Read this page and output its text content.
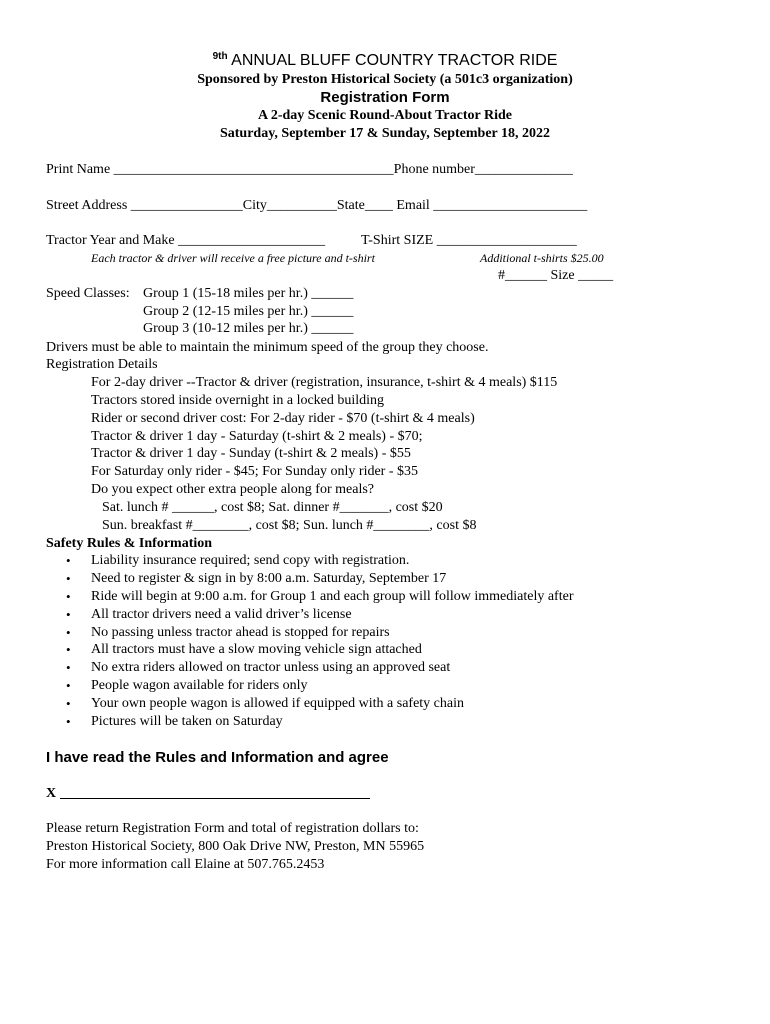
$^{9th}$ ANNUAL BLUFF COUNTRY TRACTOR RIDE
Sponsored by Preston Historical Society (a 501c3 organization)
Registration Form
A 2-day Scenic Round-About Tractor Ride
Saturday, September 17 & Sunday, September 18, 2022
Print Name ________________________________________Phone number______________
Street Address ________________City__________State____ Email ______________________
Tractor Year and Make _____________________	T-Shirt SIZE ____________________
Each tractor & driver will receive a free picture and t-shirt	Additional t-shirts $25.00
#______ Size _____
Speed Classes: Group 1 (15-18 miles per hr.) ______
Group 2 (12-15 miles per hr.) ______
Group 3 (10-12 miles per hr.) ______
Drivers must be able to maintain the minimum speed of the group they choose.
Registration Details
For 2-day driver --Tractor & driver (registration, insurance, t-shirt & 4 meals) $115
Tractors stored inside overnight in a locked building
Rider or second driver cost: For 2-day rider - $70 (t-shirt & 4 meals)
Tractor & driver 1 day - Saturday (t-shirt & 2 meals) - $70;
Tractor & driver 1 day - Sunday (t-shirt & 2 meals) - $55
For Saturday only rider - $45; For Sunday only rider - $35
Do you expect other extra people along for meals?
Sat. lunch # ______, cost $8; Sat. dinner #_______, cost $20
Sun. breakfast #________, cost $8; Sun. lunch #________, cost $8
Safety Rules & Information
• Liability insurance required; send copy with registration.
• Need to register & sign in by 8:00 a.m. Saturday, September 17
• Ride will begin at 9:00 a.m. for Group 1 and each group will follow immediately after
• All tractor drivers need a valid driver’s license
• No passing unless tractor ahead is stopped for repairs
• All tractors must have a slow moving vehicle sign attached
• No extra riders allowed on tractor unless using an approved seat
• People wagon available for riders only
• Your own people wagon is allowed if equipped with a safety chain
• Pictures will be taken on Saturday
I have read the Rules and Information and agree
X
Please return Registration Form and total of registration dollars to:
Preston Historical Society, 800 Oak Drive NW, Preston, MN 55965
For more information call Elaine at 507.765.2453
